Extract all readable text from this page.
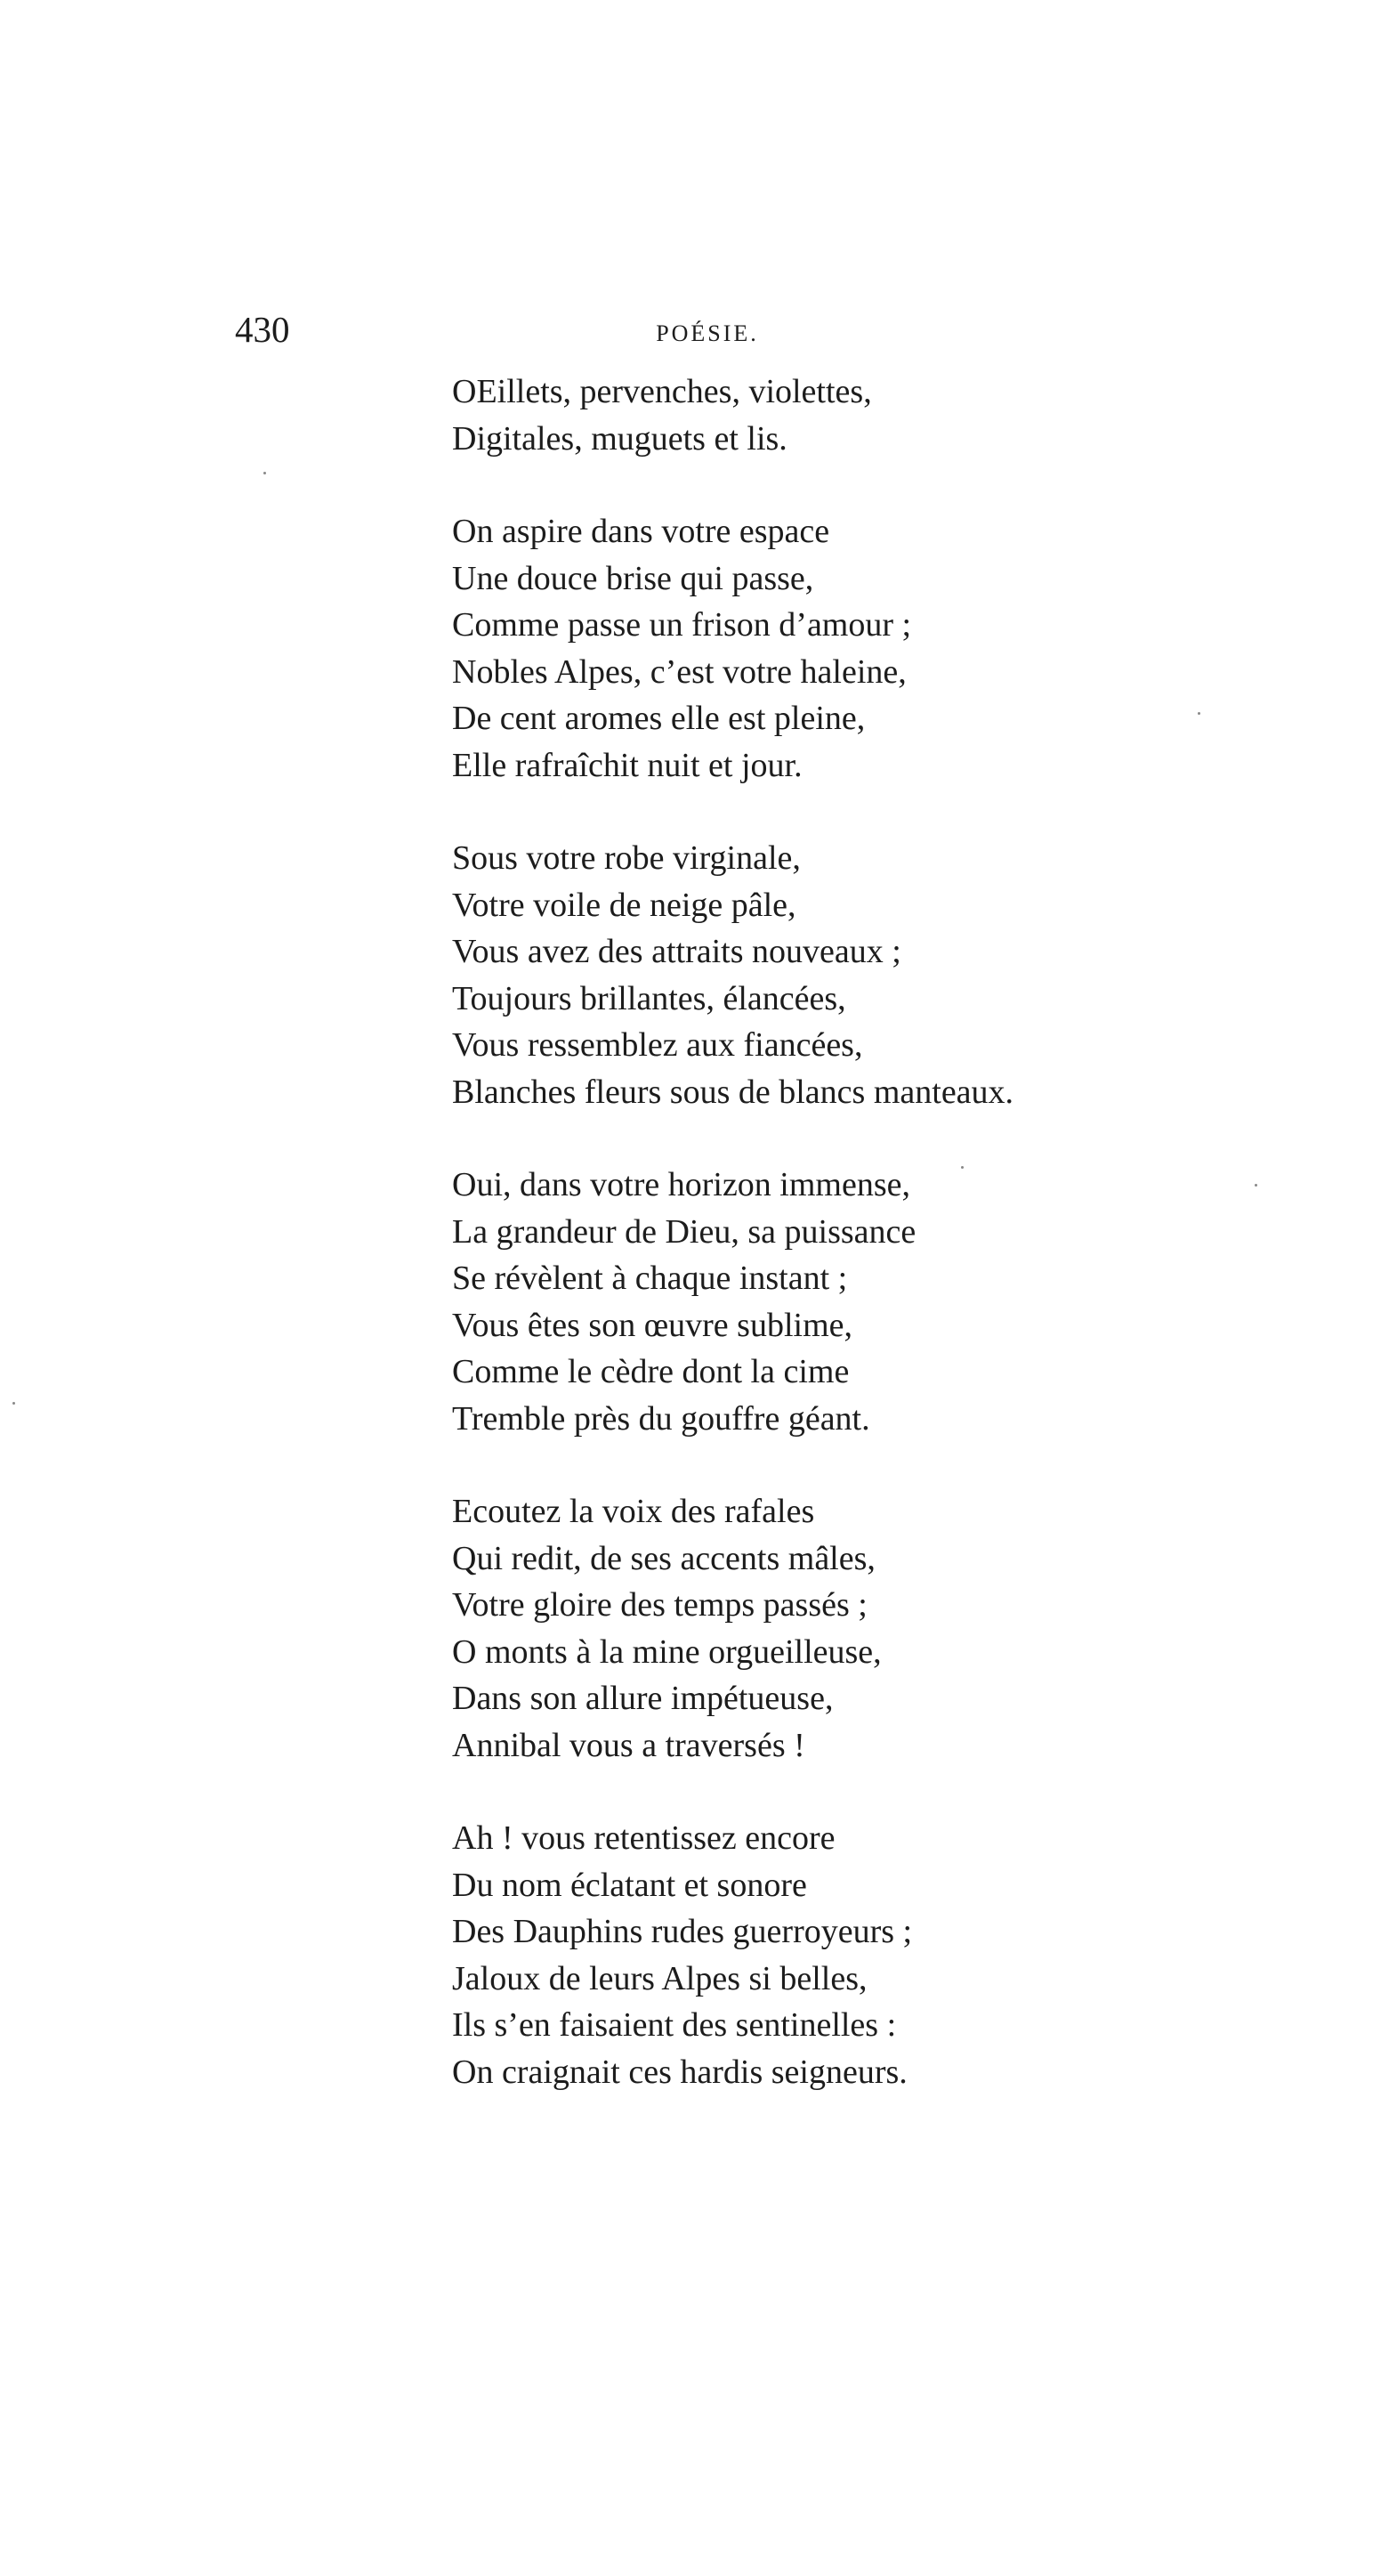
430	POÉSIE.
OEillets, pervenches, violettes,
Digitales, muguets et lis.
On aspire dans votre espace
Une douce brise qui passe,
Comme passe un frison d’amour ;
Nobles Alpes, c’est votre haleine,
De cent aromes elle est pleine,
Elle rafraîchit nuit et jour.
Sous votre robe virginale,
Votre voile de neige pâle,
Vous avez des attraits nouveaux ;
Toujours brillantes, élancées,
Vous ressemblez aux fiancées,
Blanches fleurs sous de blancs manteaux.
Oui, dans votre horizon immense,
La grandeur de Dieu, sa puissance
Se révèlent à chaque instant ;
Vous êtes son œuvre sublime,
Comme le cèdre dont la cime
Tremble près du gouffre géant.
Ecoutez la voix des rafales
Qui redit, de ses accents mâles,
Votre gloire des temps passés ;
O monts à la mine orgueilleuse,
Dans son allure impétueuse,
Annibal vous a traversés !
Ah ! vous retentissez encore
Du nom éclatant et sonore
Des Dauphins rudes guerroyeurs ;
Jaloux de leurs Alpes si belles,
Ils s’en faisaient des sentinelles :
On craignait ces hardis seigneurs.
